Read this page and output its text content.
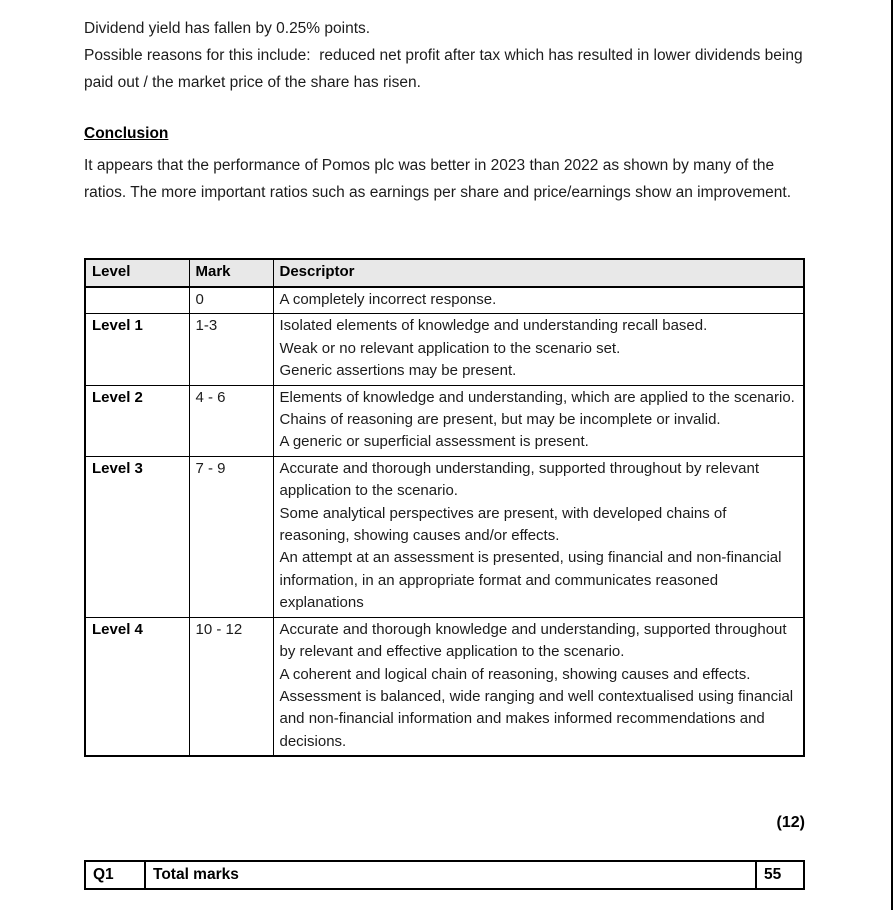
Dividend yield has fallen by 0.25% points.

Possible reasons for this include:  reduced net profit after tax which has resulted in lower dividends being paid out / the market price of the share has risen.

Conclusion

It appears that the performance of Pomos plc was better in 2023 than 2022 as shown by many of the ratios. The more important ratios such as earnings per share and price/earnings show an improvement.

Level	Mark	Descriptor
	0	A completely incorrect response.

Level 1	1-3	Isolated elements of knowledge and understanding recall based.

Weak or no relevant application to the scenario set.

Generic assertions may be present.

Level 2	4 - 6	Elements of knowledge and understanding, which are applied to the scenario.

Chains of reasoning are present, but may be incomplete or invalid.

A generic or superficial assessment is present.

Level 3	7 - 9	Accurate and thorough understanding, supported throughout by relevant application to the scenario.

Some analytical perspectives are present, with developed chains of reasoning, showing causes and/or effects.

An attempt at an assessment is presented, using financial and non-financial information, in an appropriate format and communicates reasoned explanations

Level 4	10 - 12	Accurate and thorough knowledge and understanding, supported throughout by relevant and effective application to the scenario.

A coherent and logical chain of reasoning, showing causes and effects.

Assessment is balanced, wide ranging and well contextualised using financial and non-financial information and makes informed recommendations and decisions.

(12)
Q1	Total marks	55
